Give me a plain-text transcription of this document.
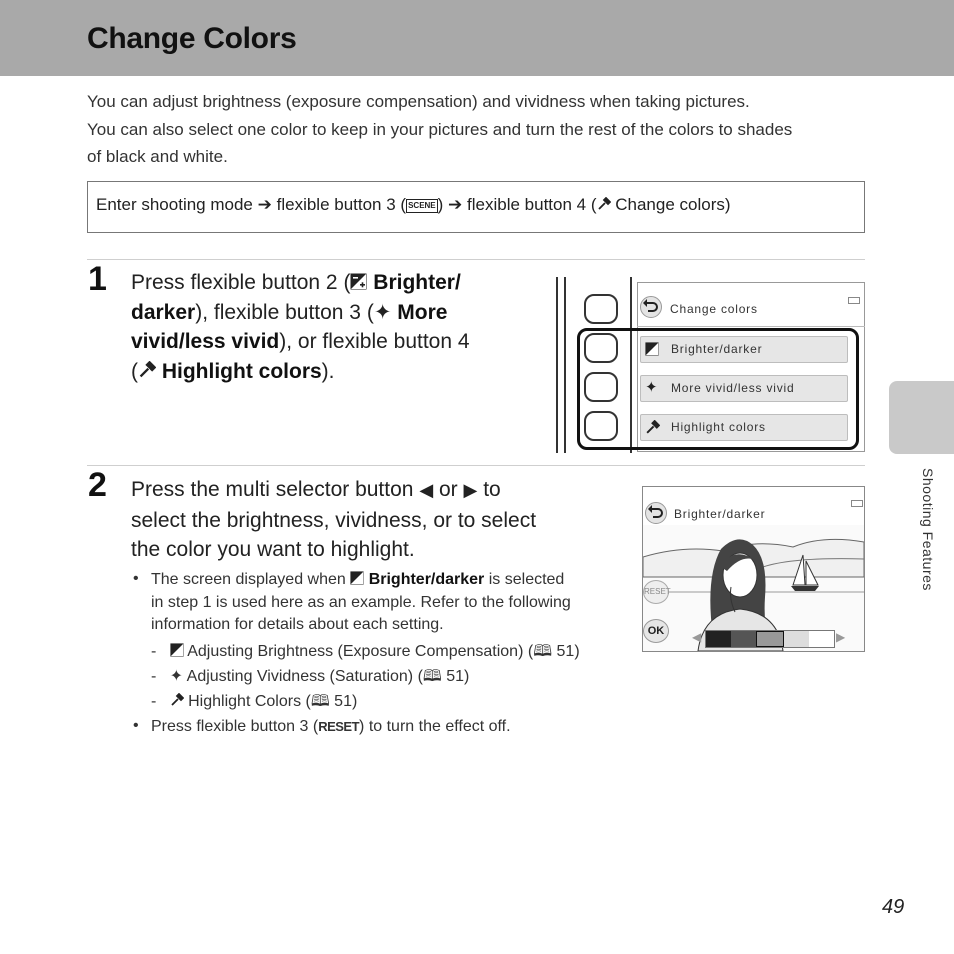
Change Colors
You can adjust brightness (exposure compensation) and vividness when taking pictures.
You can also select one color to keep in your pictures and turn the rest of the colors to shades
of black and white.
Enter shooting mode ➔ flexible button 3 ( SCENE ) ➔ flexible button 4 ( Change colors)
1 Press flexible button 2 ( Brighter/
darker), flexible button 3 (✦ More
vivid/less vivid), or flexible button 4
( Highlight colors).
Change colors
✦
Brighter/darker
More vivid/less vivid
Highlight colors
2 Press the multi selector button ◀ or ▶ to
select the brightness, vividness, or to select
the color you want to highlight.
• The screen displayed when Brighter/darker is selected
in step 1 is used here as an example. Refer to the following
information for details about each setting.
- Adjusting Brightness (Exposure Compensation) (🕮 51)
- ✦ Adjusting Vividness (Saturation) (🕮 51)
- Highlight Colors (🕮 51)
• Press flexible button 3 (RESET) to turn the effect off.
Brighter/darker
RESET
OK	◀	▶
Shooting Features
49
